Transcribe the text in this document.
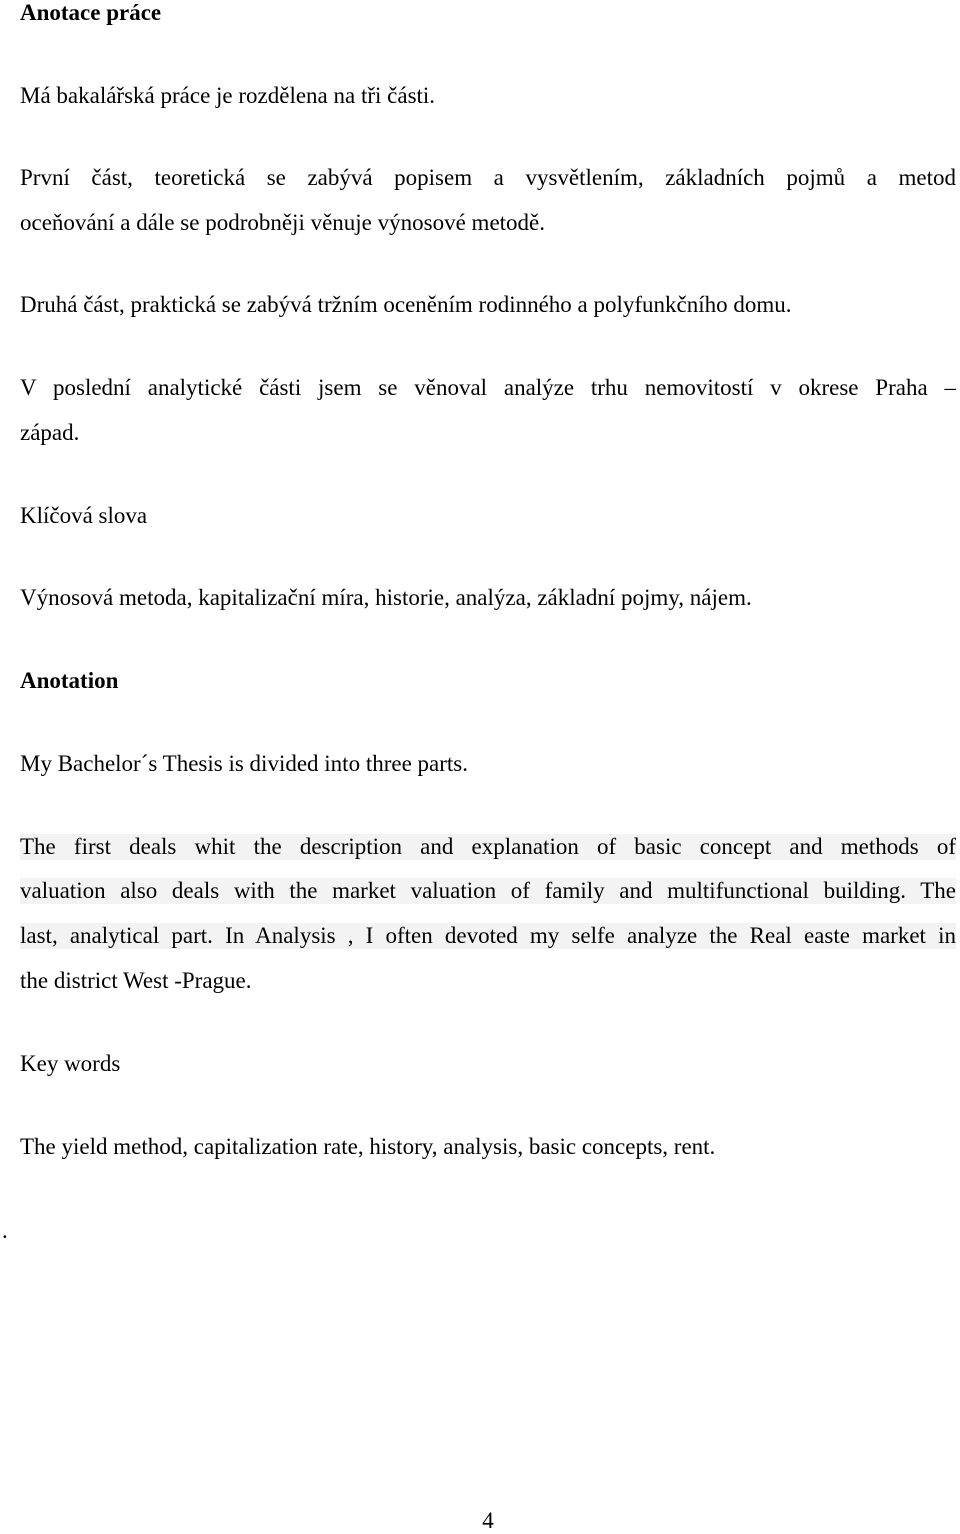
Anotace práce

Má bakalářská práce je rozdělena na tři části.

První část, teoretická se zabývá popisem a vysvětlením, základních pojmů a metod

oceňování a dále se podrobněji věnuje výnosové metodě.

Druhá část, praktická se zabývá tržním oceněním rodinného a polyfunkčního domu.

V poslední analytické části jsem se věnoval analýze trhu nemovitostí v okrese Praha –

západ.

Klíčová slova

Výnosová metoda, kapitalizační míra, historie, analýza, základní pojmy, nájem.

Anotation

My Bachelor´s Thesis is divided into three parts.

The first deals whit the description and explanation of basic concept and methods of

valuation also deals with the market valuation of family and multifunctional building. The

last, analytical part. In Analysis , I often devoted my selfe analyze the Real easte market in

the district West -Prague.

Key words

The yield method, capitalization rate, history, analysis, basic concepts, rent.

.
4
